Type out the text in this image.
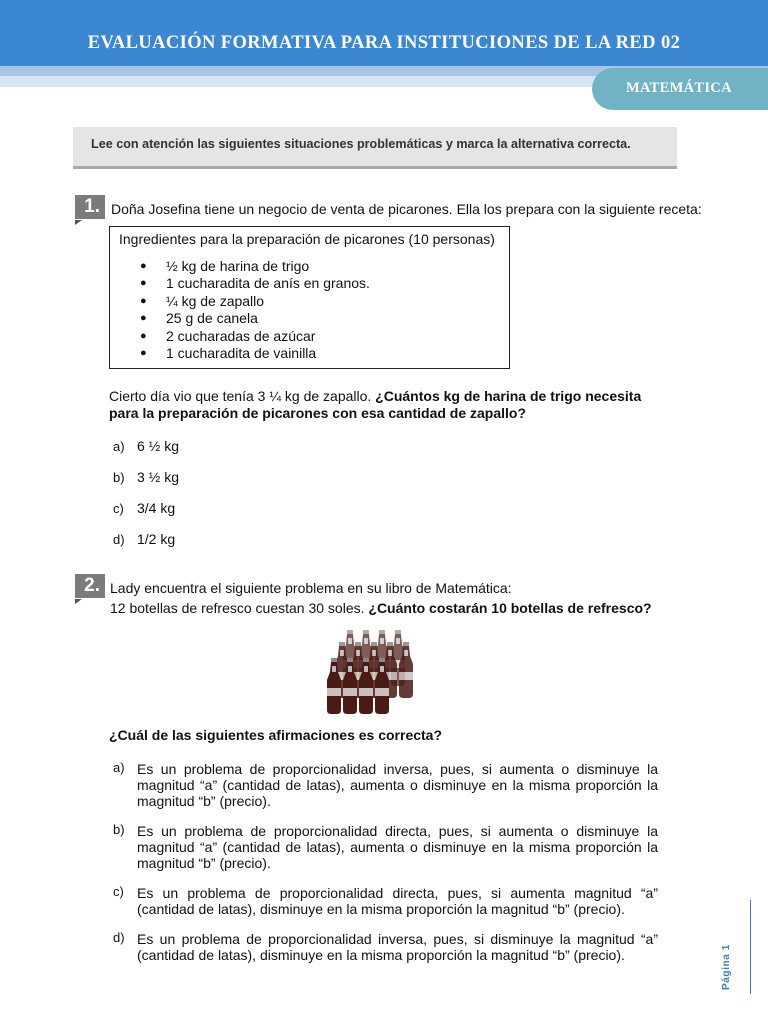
EVALUACIÓN FORMATIVA PARA INSTITUCIONES DE LA RED 02
MATEMÁTICA
Lee con atención las siguientes situaciones problemáticas y marca la alternativa correcta.
1. Doña Josefina tiene un negocio de venta de picarones. Ella los prepara con la siguiente receta:
Ingredientes para la preparación de picarones (10 personas)
● ½ kg de harina de trigo
● 1 cucharadita de anís en granos.
● ¼ kg de zapallo
● 25 g de canela
● 2 cucharadas de azúcar
● 1 cucharadita de vainilla
Cierto día vio que tenía 3 ¼ kg de zapallo. ¿Cuántos kg de harina de trigo necesita
para la preparación de picarones con esa cantidad de zapallo?
a) 6 ½ kg
b) 3 ½ kg
c) 3/4 kg
d) 1/2 kg
2. Lady encuentra el siguiente problema en su libro de Matemática:
12 botellas de refresco cuestan 30 soles. ¿Cuánto costarán 10 botellas de refresco?
¿Cuál de las siguientes afirmaciones es correcta?
a) Es un problema de proporcionalidad inversa, pues, si aumenta o disminuye la magnitud “a” (cantidad de latas), aumenta o disminuye en la misma proporción la magnitud “b” (precio).
b) Es un problema de proporcionalidad directa, pues, si aumenta o disminuye la magnitud “a” (cantidad de latas), aumenta o disminuye en la misma proporción la magnitud “b” (precio).
c) Es un problema de proporcionalidad directa, pues, si aumenta magnitud “a” (cantidad de latas), disminuye en la misma proporción la magnitud “b” (precio).
d) Es un problema de proporcionalidad inversa, pues, si disminuye la magnitud “a” (cantidad de latas), disminuye en la misma proporción la magnitud “b” (precio).	Página 1
